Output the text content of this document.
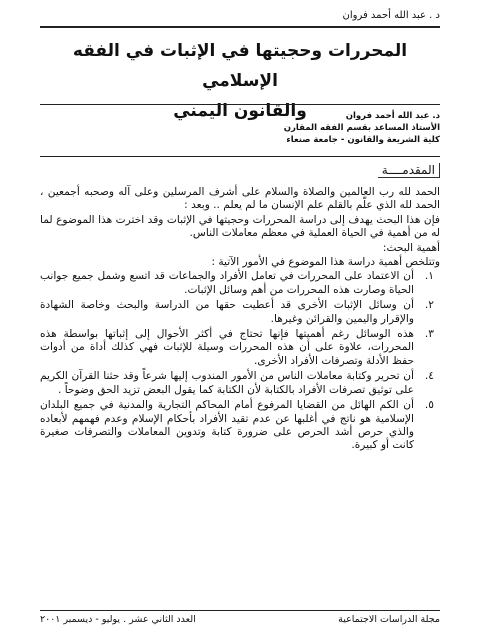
د . عبد الله أحمد فروان
المحررات وحجيتها في الإثبات في الفقه الإسلامي
والقانون اليمني	د. عبد الله أحمد فروان
الأستاذ المساعد بقسم الفقه المقارن
كلية الشريعة والقانون - جامعة صنعاء
المقدمــــة

الحمد لله رب العالمين والصلاة والسلام على أشرف المرسلين وعلى آله وصحبه أجمعين ، الحمد لله الذي علّم بالقلم علم الإنسان ما لم يعلم .. وبعد :

فإن هذا البحث يهدف إلى دراسة المحررات وحجيتها في الإثبات وقد اخترت هذا الموضوع لما له من أهمية في الحياة العملية في معظم معاملات الناس.

أهمية البحث:

وتتلخص أهمية دراسة هذا الموضوع في الأمور الآتية :

١.
أن الاعتماد على المحررات في تعامل الأفراد والجماعات قد اتسع وشمل جميع جوانب الحياة وصارت هذه المحررات من أهم وسائل الإثبات.
٢.
أن وسائل الإثبات الأخرى قد أعطيت حقها من الدراسة والبحث وخاصة الشهادة والإقرار واليمين والقرائن وغيرها.
٣.
هذه الوسائل رغم أهميتها فإنها تحتاج في أكثر الأحوال إلى إثباتها بواسطة هذه المحررات، علاوة على أن هذه المحررات وسيلة للإثبات فهي كذلك أداة من أدوات حفظ الأدلة وتصرفات الأفراد الأخرى.
٤.
أن تحرير وكتابة معاملات الناس من الأمور المندوب إليها شرعاً وقد حثنا القرآن الكريم على توثيق تصرفات الأفراد بالكتابة لأن الكتابة كما يقول البعض تزيد الحق وضوحاً .
٥.
أن الكم الهائل من القضايا المرفوع أمام المحاكم التجارية والمدنية في جميع البلدان الإسلامية هو ناتج في أغلبها عن عدم تقيد الأفراد بأحكام الإسلام وعدم فهمهم لأبعاده والذي حرص أشد الحرص على ضرورة كتابة وتدوين المعاملات والتصرفات صغيرة كانت أو كبيرة.
مجلة الدراسات الاجتماعية
العدد الثاني عشر . يوليو - ديسمبر ٢٠٠١
